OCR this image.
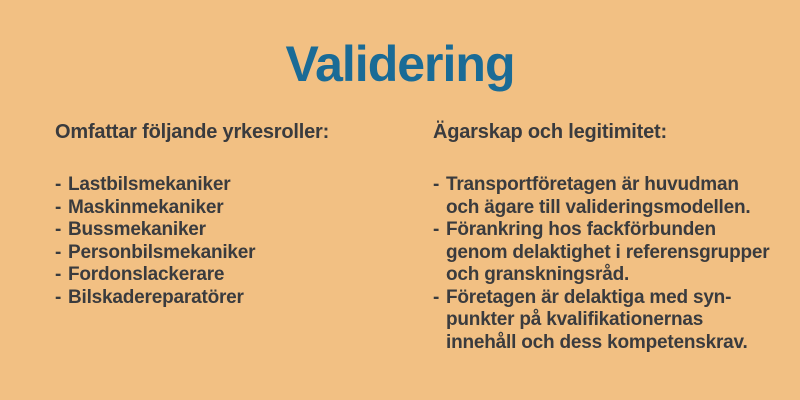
Validering
Omfattar följande yrkesroller:
- Lastbilsmekaniker
- Maskinmekaniker
- Bussmekaniker
- Personbilsmekaniker
- Fordonslackerare
- Bilskadereparatörer
Ägarskap och legitimitet:
- Transportföretagen är huvudman
och ägare till valideringsmodellen.
- Förankring hos fackförbunden
genom delaktighet i referensgrupper
och granskningsråd.
- Företagen är delaktiga med syn-
punkter på kvalifikationernas
innehåll och dess kompetenskrav.
